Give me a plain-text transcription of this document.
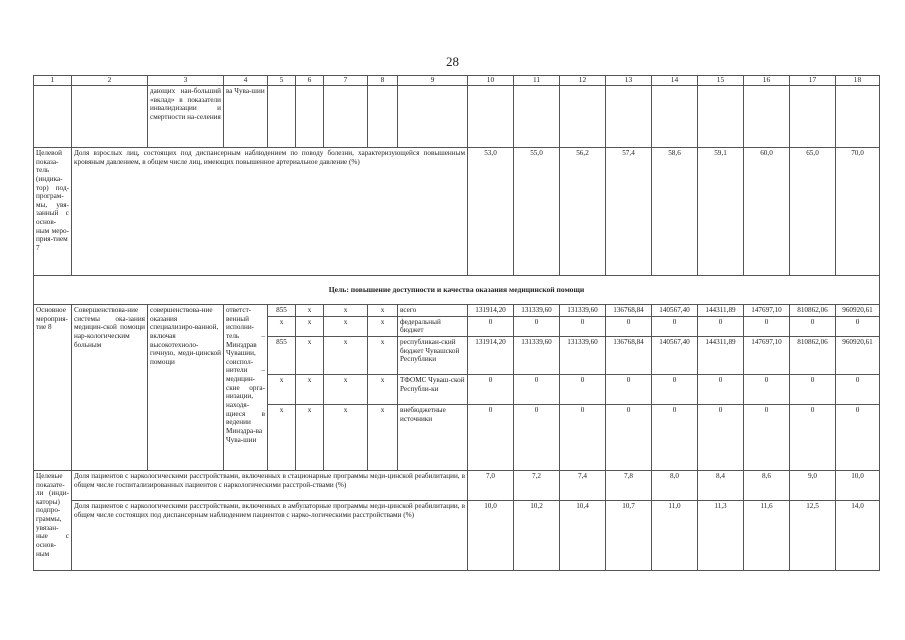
28
1	2	3	4	5	6	7	8	9	10	11	12	13	14	15	16	17	18
		дающих наи-больший «вклад» в показатели инвалидизации и смертности на-селения	ва Чува-шии														
Целевой показа-тель (индика-тор) под-програм-мы, увя-занный с основ-ным меро-прия-тием 7	Доля взрослых лиц, состоящих под диспансерным наблюдением по поводу болезни, характеризующейся повышенным кровяным давлением, в общем числе лиц, имеющих повышенное артериальное давление (%)								53,0	55,0	56,2	57,4	58,6	59,1	60,0	65,0	70,0
Цель: повышение доступности и качества оказания медицинской помощи																	
Основное мероприя-тие 8	Совершенствова-ние системы ока-зания медицин-ской помощи нар-кологическим больным	совершенствова-ние оказания специализиро-ванной, включая высокотехноло-гичную, меди-цинской помощи	ответст-венный исполни-тель – Минздрав Чувашии, соиспол-нители – медицин-ские орга-низации, находя-щиеся в ведении Минздра-ва Чува-шии	855	x	x	x	всего	131914,20	131339,60	131339,60	136768,84	140567,40	144311,89	147697,10	810862,06	960920,61
				x	x	x	x	федеральный бюджет	0	0	0	0	0	0	0	0	0
				855	x	x	x	республикан-ский бюджет Чувашской Республики	131914,20	131339,60	131339,60	136768,84	140567,40	144311,89	147697,10	810862,06	960920,61
				x	x	x	x	ТФОМС Чуваш-ской Республи-ки	0	0	0	0	0	0	0	0	0
				x	x	x	x	внебюджетные источники	0	0	0	0	0	0	0	0	0
Целевые показате-ли (инди-каторы) подпро-граммы, увязан-ные с основ-ным	Доля пациентов с наркологическими расстройствами, включенных в стационарные программы меди-цинской реабилитации, в общем числе госпитализированных пациентов с наркологическими расстрой-ствами (%)								7,0	7,2	7,4	7,8	8,0	8,4	8,6	9,0	10,0
	Доля пациентов с наркологическими расстройствами, включенных в амбулаторные программы меди-цинской реабилитации, в общем числе состоящих под диспансерным наблюдением пациентов с нарко-логическими расстройствами (%)								10,0	10,2	10,4	10,7	11,0	11,3	11,6	12,5	14,0
